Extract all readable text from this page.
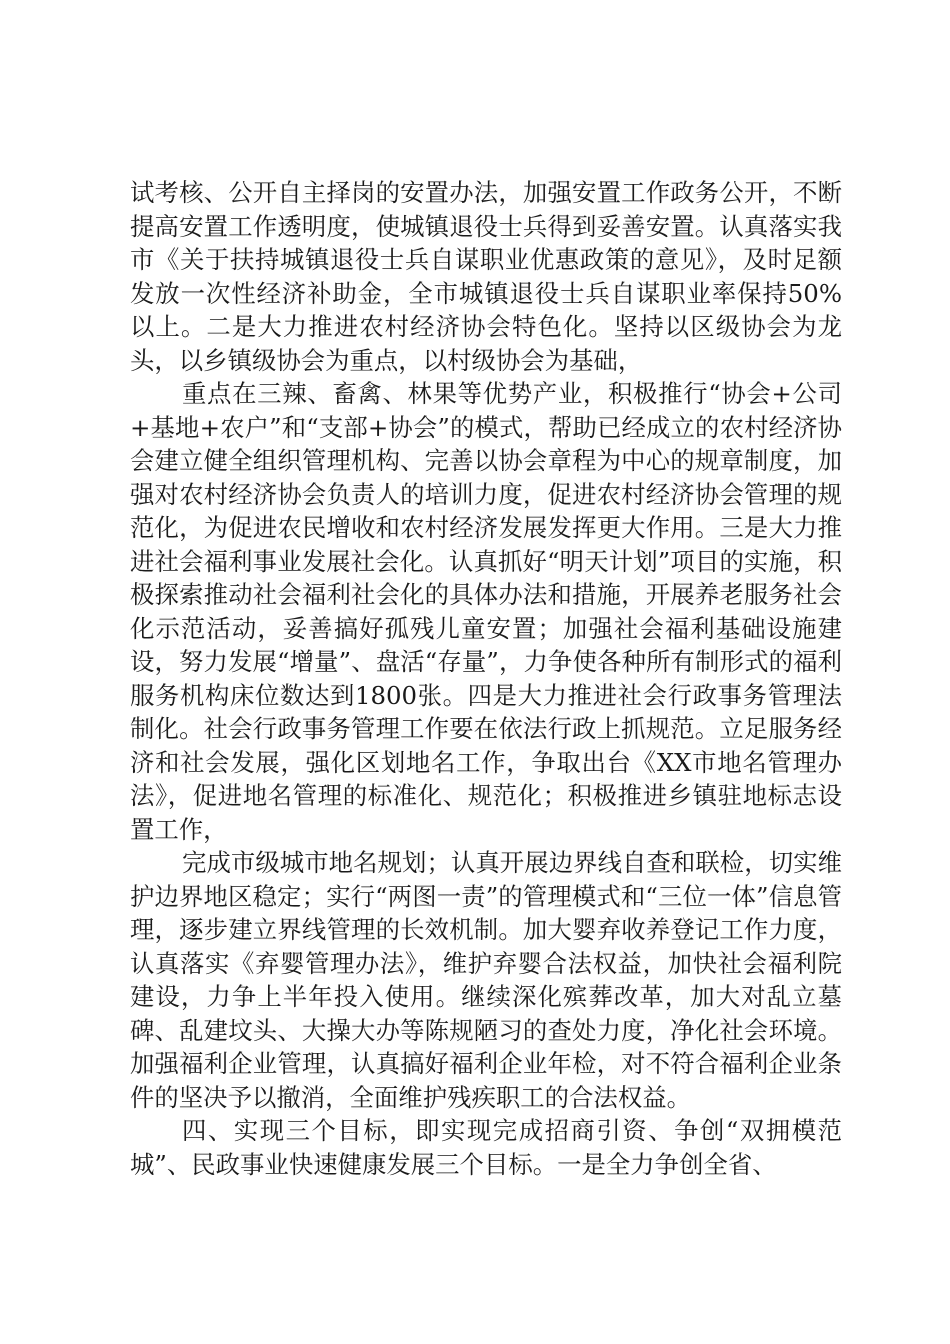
试考核、公开自主择岗的安置办法，加强安置工作政务公开，不断提高安置工作透明度，使城镇退役士兵得到妥善安置。认真落实我市《关于扶持城镇退役士兵自谋职业优惠政策的意见》，及时足额发放一次性经济补助金，全市城镇退役士兵自谋职业率保持50%以上。二是大力推进农村经济协会特色化。坚持以区级协会为龙头，以乡镇级协会为重点，以村级协会为基础，

重点在三辣、畜禽、林果等优势产业，积极推行“协会+公司+基地+农户”和“支部+协会”的模式，帮助已经成立的农村经济协会建立健全组织管理机构、完善以协会章程为中心的规章制度，加强对农村经济协会负责人的培训力度，促进农村经济协会管理的规范化，为促进农民增收和农村经济发展发挥更大作用。三是大力推进社会福利事业发展社会化。认真抓好“明天计划”项目的实施，积极探索推动社会福利社会化的具体办法和措施，开展养老服务社会化示范活动，妥善搞好孤残儿童安置；加强社会福利基础设施建设，努力发展“增量”、盘活“存量”，力争使各种所有制形式的福利服务机构床位数达到1800张。四是大力推进社会行政事务管理法制化。社会行政事务管理工作要在依法行政上抓规范。立足服务经济和社会发展，强化区划地名工作，争取出台《XX市地名管理办法》，促进地名管理的标准化、规范化；积极推进乡镇驻地标志设置工作，

完成市级城市地名规划；认真开展边界线自查和联检，切实维护边界地区稳定；实行“两图一责”的管理模式和“三位一体”信息管理，逐步建立界线管理的长效机制。加大婴弃收养登记工作力度，认真落实《弃婴管理办法》，维护弃婴合法权益，加快社会福利院建设，力争上半年投入使用。继续深化殡葬改革，加大对乱立墓碑、乱建坟头、大操大办等陈规陋习的查处力度，净化社会环境。加强福利企业管理，认真搞好福利企业年检，对不符合福利企业条件的坚决予以撤消，全面维护残疾职工的合法权益。

四、实现三个目标，即实现完成招商引资、争创“双拥模范城”、民政事业快速健康发展三个目标。一是全力争创全省、
